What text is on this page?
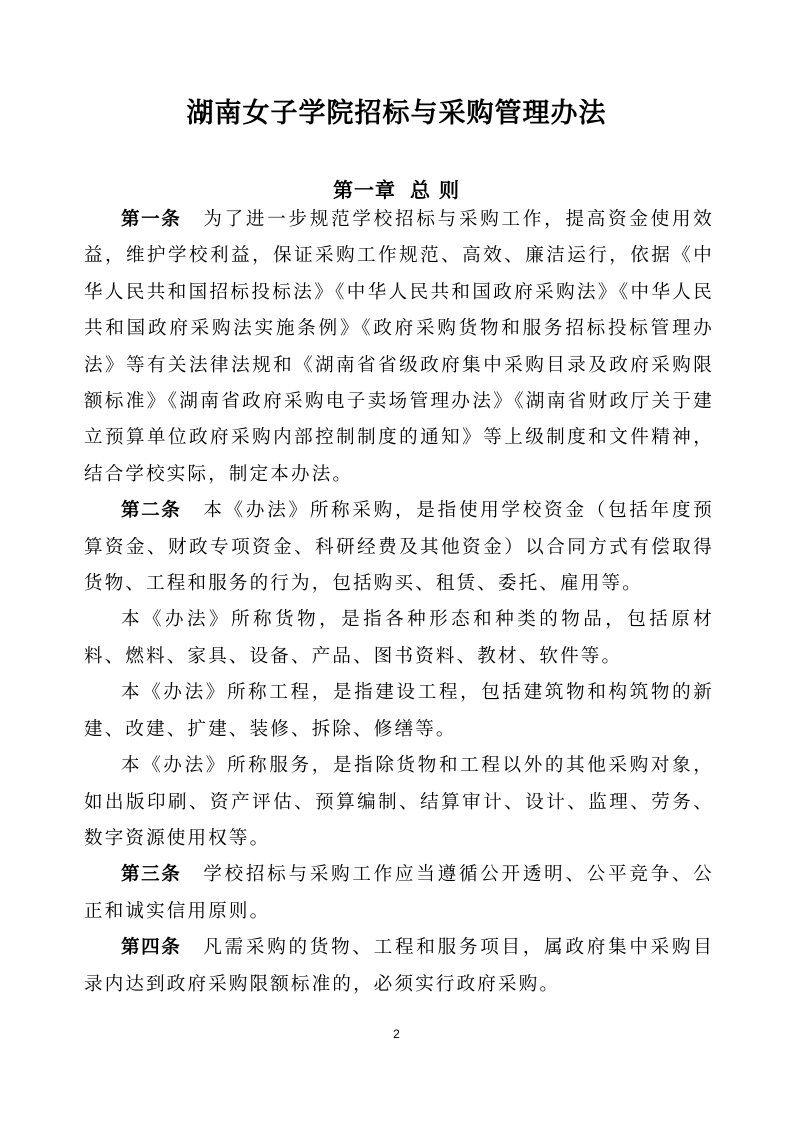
湖南女子学院招标与采购管理办法
第一章 总 则

第一条 为了进一步规范学校招标与采购工作，提高资金使用效益，维护学校利益，保证采购工作规范、高效、廉洁运行，依据《中华人民共和国招标投标法》《中华人民共和国政府采购法》《中华人民共和国政府采购法实施条例》《政府采购货物和服务招标投标管理办法》等有关法律法规和《湖南省省级政府集中采购目录及政府采购限额标准》《湖南省政府采购电子卖场管理办法》《湖南省财政厅关于建立预算单位政府采购内部控制制度的通知》等上级制度和文件精神，结合学校实际，制定本办法。

第二条 本《办法》所称采购，是指使用学校资金（包括年度预算资金、财政专项资金、科研经费及其他资金）以合同方式有偿取得货物、工程和服务的行为，包括购买、租赁、委托、雇用等。

本《办法》所称货物，是指各种形态和种类的物品，包括原材料、燃料、家具、设备、产品、图书资料、教材、软件等。

本《办法》所称工程，是指建设工程，包括建筑物和构筑物的新建、改建、扩建、装修、拆除、修缮等。

本《办法》所称服务，是指除货物和工程以外的其他采购对象，如出版印刷、资产评估、预算编制、结算审计、设计、监理、劳务、数字资源使用权等。

第三条 学校招标与采购工作应当遵循公开透明、公平竞争、公正和诚实信用原则。

第四条 凡需采购的货物、工程和服务项目，属政府集中采购目录内达到政府采购限额标准的，必须实行政府采购。

2
